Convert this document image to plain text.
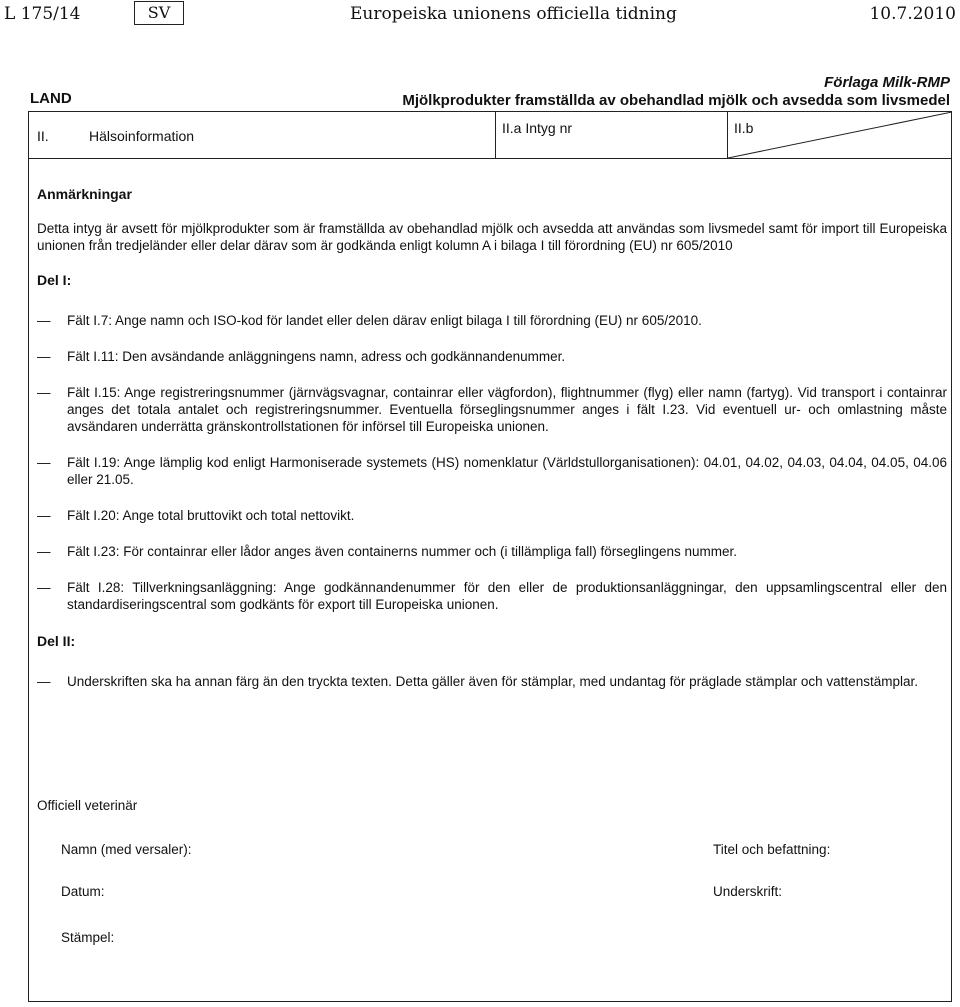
L 175/14	SV	Europeiska unionens officiella tidning	10.7.2010
Förlaga Milk-RMP
LAND	Mjölkprodukter framställda av obehandlad mjölk och avsedda som livsmedel
II.	Hälsoinformation	II.a Intyg nr	II.b
Anmärkningar

Detta intyg är avsett för mjölkprodukter som är framställda av obehandlad mjölk och avsedda att användas som livsmedel samt för import till Europeiska unionen från tredjeländer eller delar därav som är godkända enligt kolumn A i bilaga I till förordning (EU) nr 605/2010

Del I:
— Fält I.7: Ange namn och ISO-kod för landet eller delen därav enligt bilaga I till förordning (EU) nr 605/2010.
— Fält I.11: Den avsändande anläggningens namn, adress och godkännandenummer.
— Fält I.15: Ange registreringsnummer (järnvägsvagnar, containrar eller vägfordon), flightnummer (flyg) eller namn (fartyg). Vid transport i containrar anges det totala antalet och registreringsnummer. Eventuella förseglingsnummer anges i fält I.23. Vid eventuell ur- och omlastning måste avsändaren underrätta gränskontrollstationen för införsel till Europeiska unionen.
— Fält I.19: Ange lämplig kod enligt Harmoniserade systemets (HS) nomenklatur (Världstullorganisationen): 04.01, 04.02, 04.03, 04.04, 04.05, 04.06 eller 21.05.
— Fält I.20: Ange total bruttovikt och total nettovikt.
— Fält I.23: För containrar eller lådor anges även containerns nummer och (i tillämpliga fall) förseglingens nummer.
— Fält I.28: Tillverkningsanläggning: Ange godkännandenummer för den eller de produktionsanläggningar, den uppsamlingscentral eller den standardiseringscentral som godkänts för export till Europeiska unionen.
Del II:
— Underskriften ska ha annan färg än den tryckta texten. Detta gäller även för stämplar, med undantag för präglade stämplar och vattenstämplar.
Officiell veterinär
Namn (med versaler):	Titel och befattning:
Datum:	Underskrift:
Stämpel:
